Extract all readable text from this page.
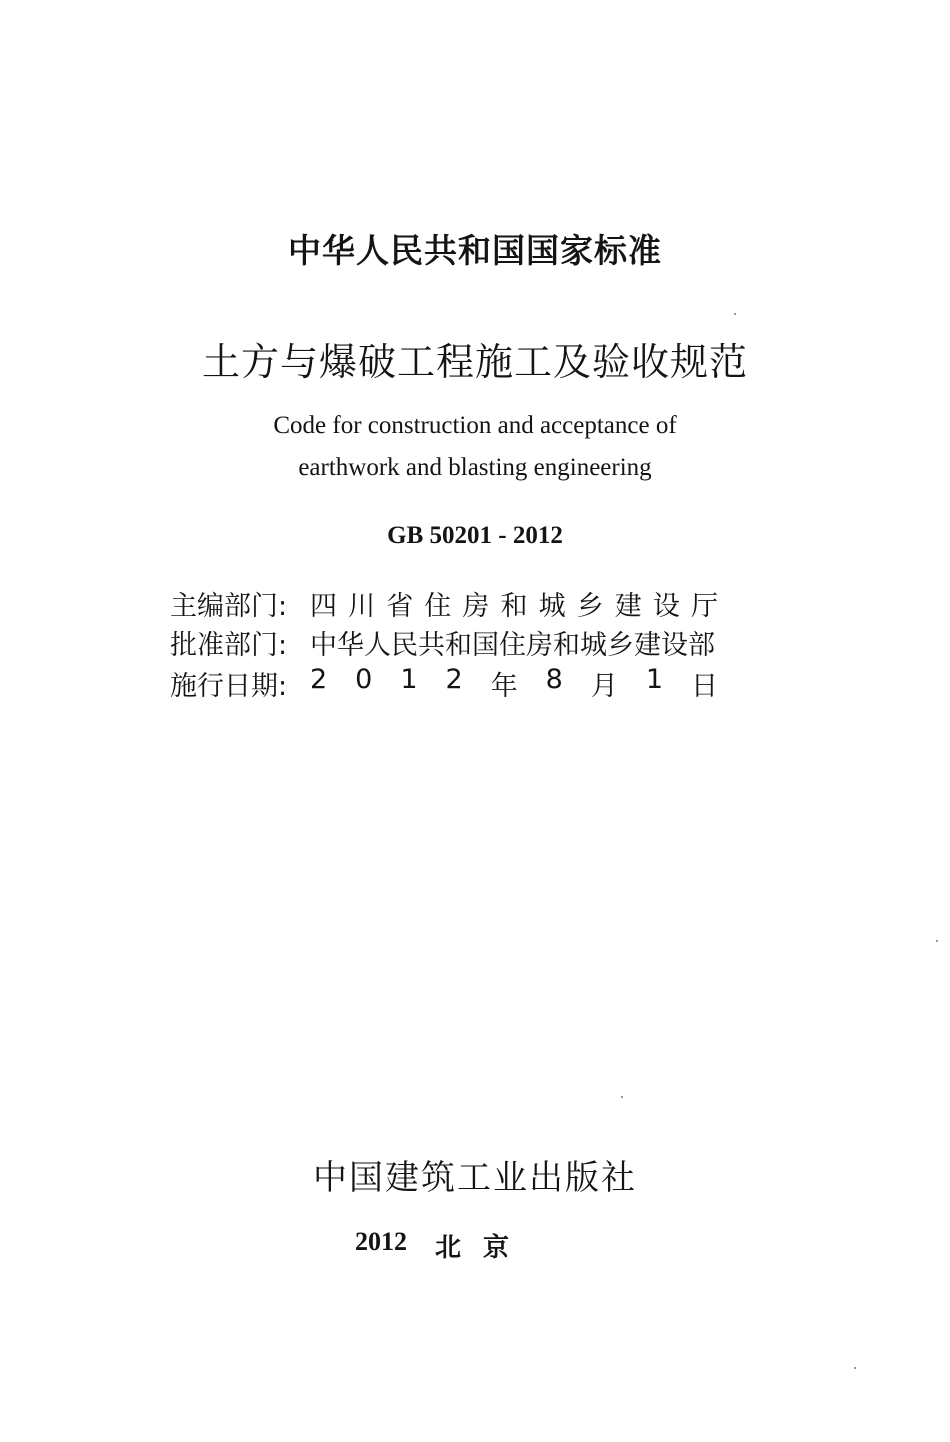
中华人民共和国国家标准
土方与爆破工程施工及验收规范
Code for construction and acceptance of
earthwork and blasting engineering
GB 50201 - 2012
主编部门: 四 川 省 住 房 和 城 乡 建 设 厅
批准部门: 中华人民共和国住房和城乡建设部
施行日期: 2 0 1 2 年 8 月 1 日
中国建筑工业出版社
2012 北京
